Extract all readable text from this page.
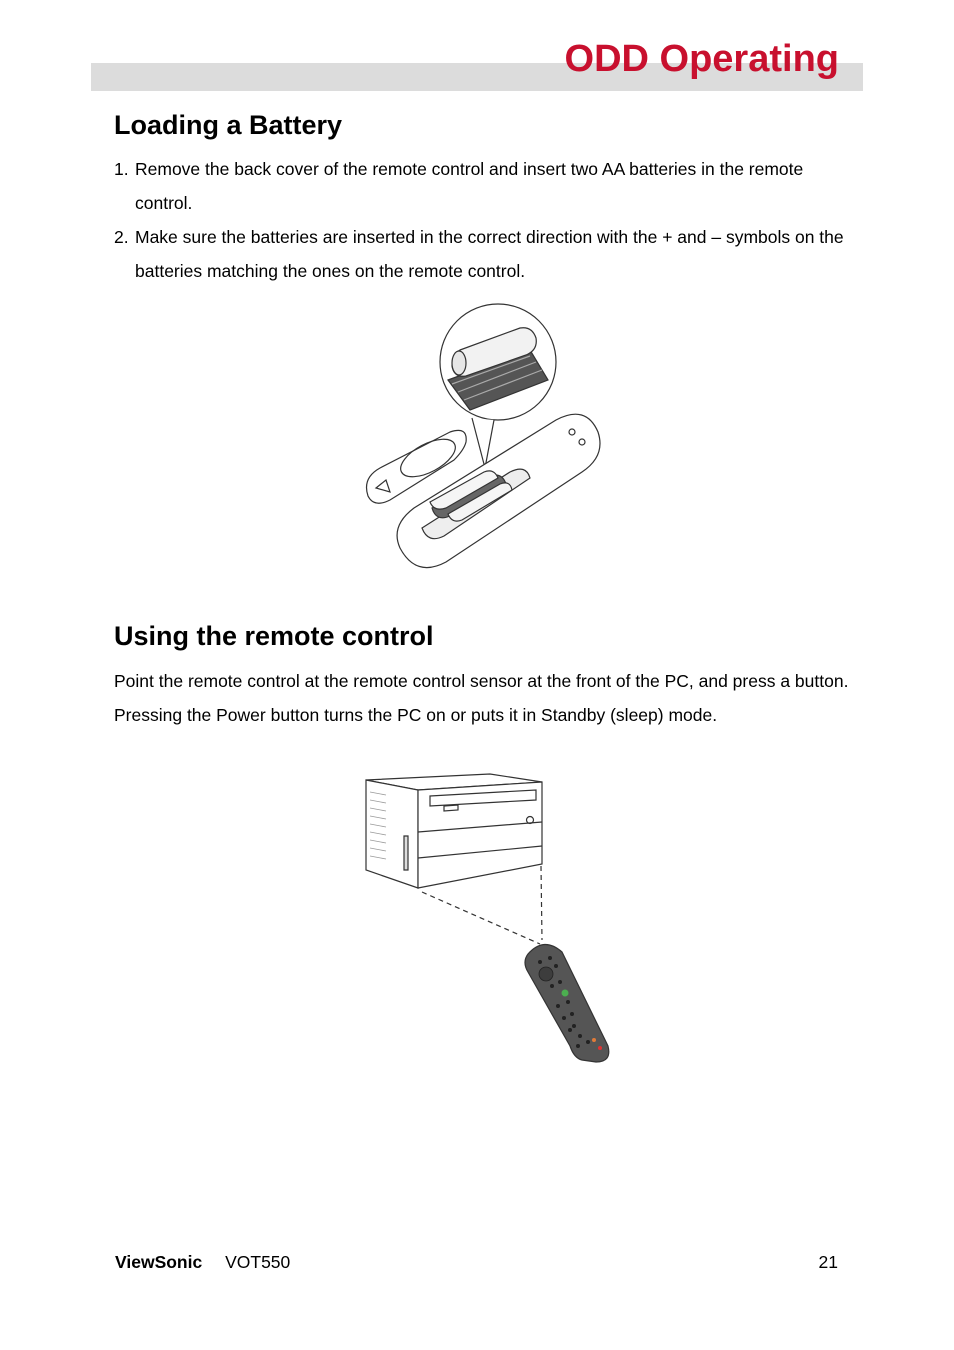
ODD Operating
Loading a Battery
1. Remove the back cover of the remote control and insert two AA batteries in the remote control.
2. Make sure the batteries are inserted in the correct direction with the + and – symbols on the batteries matching the ones on the remote control.
Using the remote control

Point the remote control at the remote control sensor at the front of the PC, and press a button. Pressing the Power button turns the PC on or puts it in Standby (sleep) mode.

ViewSonic VOT550	21
